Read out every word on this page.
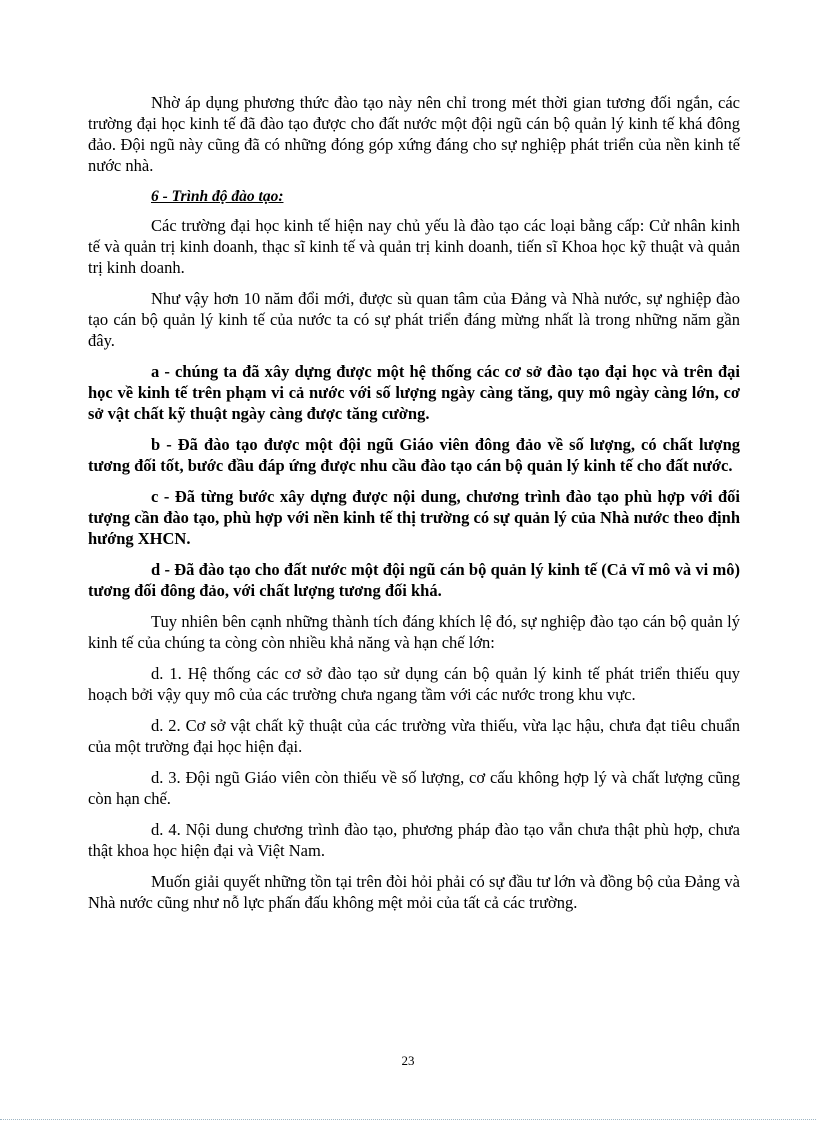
Nhờ áp dụng phương thức đào tạo này nên chỉ trong mét thời gian tương đối ngắn, các trường đại học kinh tế đã đào tạo được cho đất nước một đội ngũ cán bộ quản lý kinh tế khá đông đảo. Đội ngũ này cũng đã có những đóng góp xứng đáng cho sự nghiệp phát triển của nền kinh tế nước nhà.

6 - Trình độ đào tạo:

Các trường đại học kinh tế hiện nay chủ yếu là đào tạo các loại bằng cấp: Cử nhân kinh tế và quản trị kinh doanh, thạc sĩ kinh tế và quản trị kinh doanh, tiến sĩ Khoa học kỹ thuật và quản trị kinh doanh.

Như vậy hơn 10 năm đổi mới, được sù quan tâm của Đảng và Nhà nước, sự nghiệp đào tạo cán bộ quản lý kinh tế của nước ta có sự phát triển đáng mừng nhất là trong những năm gần đây.

a - chúng ta đã xây dựng được một hệ thống các cơ sở đào tạo đại học và trên đại học về kinh tế trên phạm vi cả nước với số lượng ngày càng tăng, quy mô ngày càng lớn, cơ sở vật chất kỹ thuật ngày càng được tăng cường.

b - Đã đào tạo được một đội ngũ Giáo viên đông đảo về số lượng, có chất lượng tương đối tốt, bước đầu đáp ứng được nhu cầu đào tạo cán bộ quản lý kinh tế cho đất nước.

c - Đã từng bước xây dựng được nội dung, chương trình đào tạo phù hợp với đối tượng cần đào tạo, phù hợp với nền kinh tế thị trường có sự quản lý của Nhà nước theo định hướng XHCN.

d - Đã đào tạo cho đất nước một đội ngũ cán bộ quản lý kinh tế (Cả vĩ mô và vi mô) tương đối đông đảo, với chất lượng tương đối khá.

Tuy nhiên bên cạnh những thành tích đáng khích lệ đó, sự nghiệp đào tạo cán bộ quản lý kinh tế của chúng ta còng còn nhiều khả năng và hạn chế lớn:

d. 1. Hệ thống các cơ sở đào tạo sử dụng cán bộ quản lý kinh tế phát triển thiếu quy hoạch bởi vậy quy mô của các trường chưa ngang tầm với các nước trong khu vực.

d. 2. Cơ sở vật chất kỹ thuật của các trường vừa thiếu, vừa lạc hậu, chưa đạt tiêu chuẩn của một trường đại học hiện đại.

d. 3. Đội ngũ Giáo viên còn thiếu về số lượng, cơ cấu không hợp lý và chất lượng cũng còn hạn chế.

d. 4. Nội dung chương trình đào tạo, phương pháp đào tạo vẫn chưa thật phù hợp, chưa thật khoa học hiện đại và Việt Nam.

Muốn giải quyết những tồn tại trên đòi hỏi phải có sự đầu tư lớn và đồng bộ của Đảng và Nhà nước cũng như nỗ lực phấn đấu không mệt mỏi của tất cả các trường.

23
